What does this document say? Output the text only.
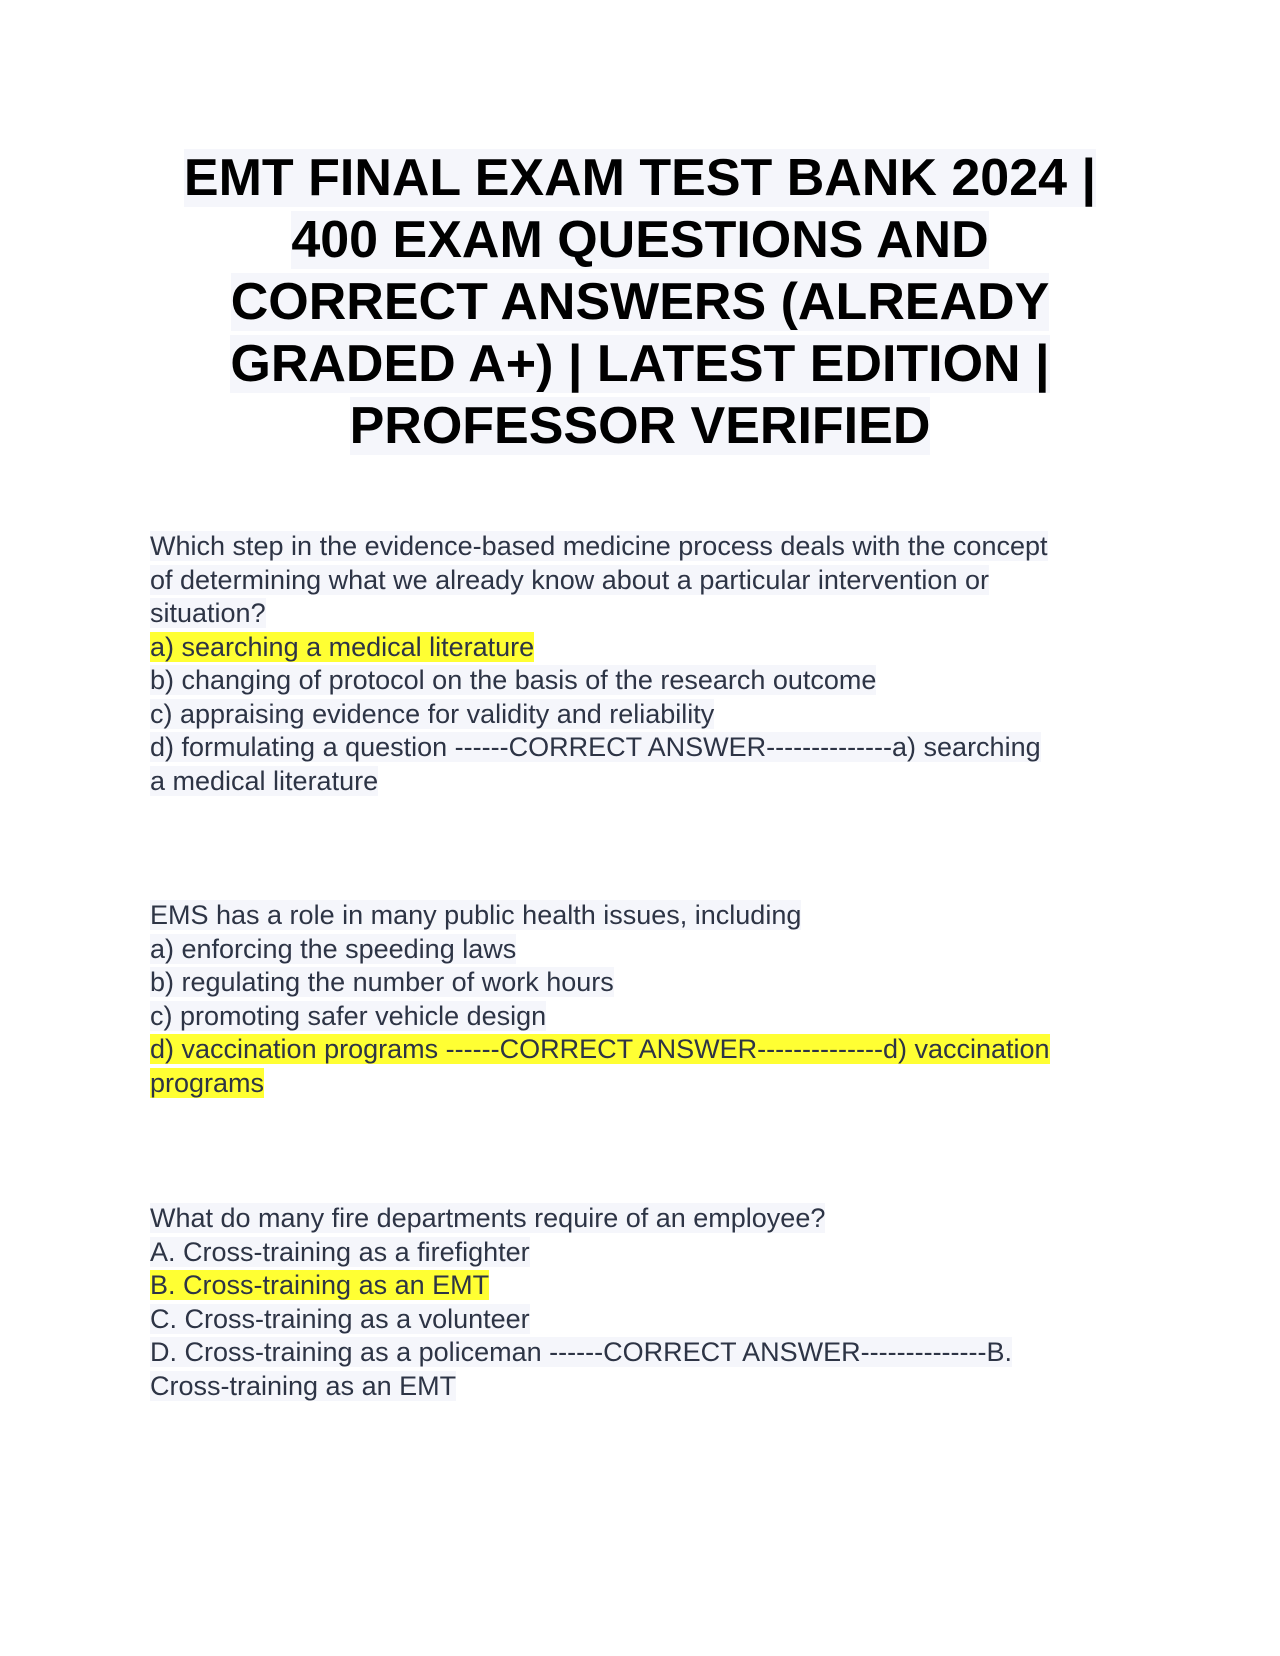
EMT FINAL EXAM TEST BANK 2024 |
400 EXAM QUESTIONS AND
CORRECT ANSWERS (ALREADY
GRADED A+) | LATEST EDITION |
PROFESSOR VERIFIED
Which step in the evidence-based medicine process deals with the concept
of determining what we already know about a particular intervention or
situation?
a) searching a medical literature
b) changing of protocol on the basis of the research outcome
c) appraising evidence for validity and reliability
d) formulating a question ------CORRECT ANSWER--------------a) searching
a medical literature
EMS has a role in many public health issues, including
a) enforcing the speeding laws
b) regulating the number of work hours
c) promoting safer vehicle design
d) vaccination programs ------CORRECT ANSWER--------------d) vaccination
programs
What do many fire departments require of an employee?
A. Cross-training as a firefighter
B. Cross-training as an EMT
C. Cross-training as a volunteer
D. Cross-training as a policeman ------CORRECT ANSWER--------------B.
Cross-training as an EMT
